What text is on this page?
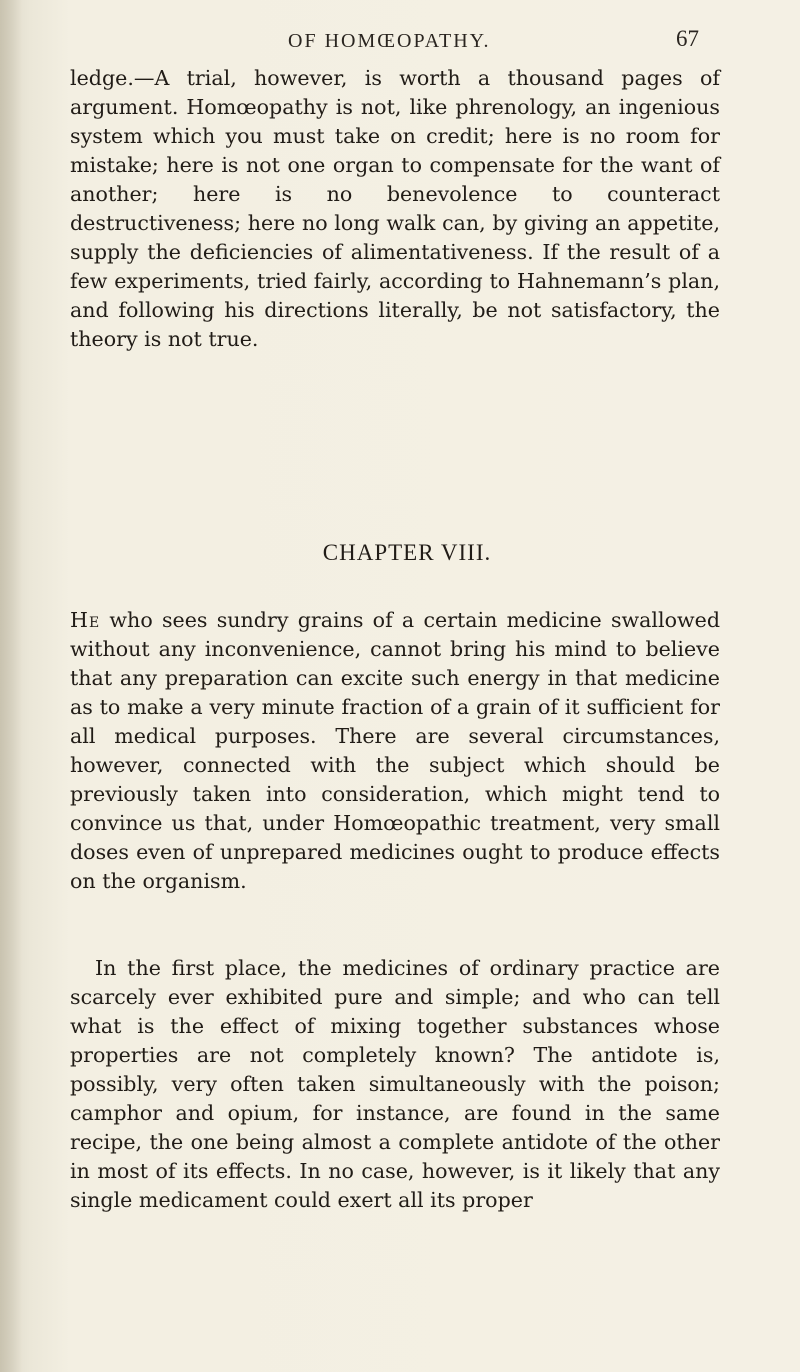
OF HOMŒOPATHY.	67

ledge.—A trial, however, is worth a thousand pages of argument. Homœopathy is not, like phrenology, an ingenious system which you must take on credit; here is no room for mistake; here is not one organ to compensate for the want of another; here is no benevolence to counteract destructiveness; here no long walk can, by giving an appetite, supply the deficiencies of alimentativeness. If the result of a few experiments, tried fairly, according to Hahnemann’s plan, and following his directions literally, be not satisfactory, the theory is not true.

CHAPTER VIII.

He who sees sundry grains of a certain medicine swallowed without any inconvenience, cannot bring his mind to believe that any preparation can excite such energy in that medicine as to make a very minute fraction of a grain of it sufficient for all medical purposes. There are several circumstances, however, connected with the subject which should be previously taken into consideration, which might tend to convince us that, under Homœopathic treatment, very small doses even of unprepared medicines ought to produce effects on the organism.

In the first place, the medicines of ordinary practice are scarcely ever exhibited pure and simple; and who can tell what is the effect of mixing together substances whose properties are not completely known? The antidote is, possibly, very often taken simultaneously with the poison; camphor and opium, for instance, are found in the same recipe, the one being almost a complete antidote of the other in most of its effects. In no case, however, is it likely that any single medicament could exert all its proper
